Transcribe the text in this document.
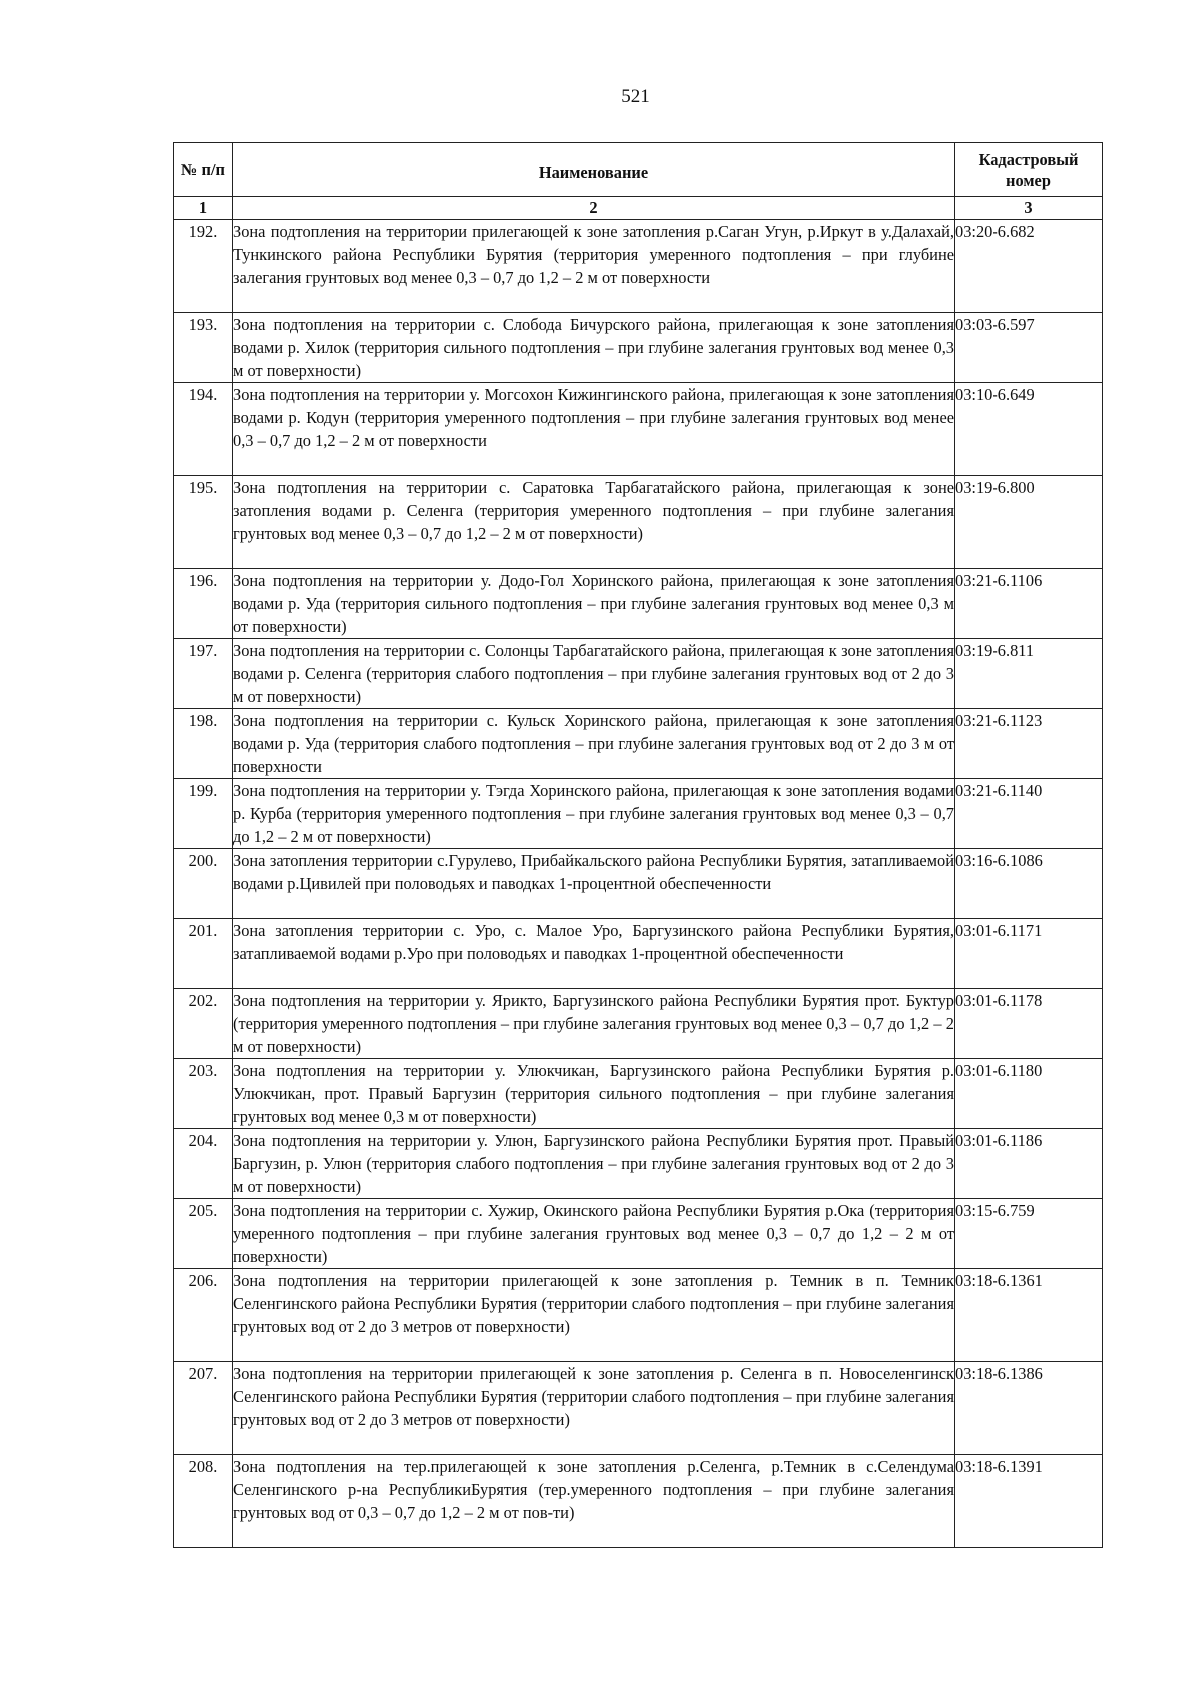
521
№ п/п	Наименование	Кадастровый номер
1	2	3
192.	Зона подтопления на территории прилегающей к зоне затопления р.Саган Угун, р.Иркут в у.Далахай, Тункинского района Республики Бурятия (территория умеренного подтопления – при глубине залегания грунтовых вод менее 0,3 – 0,7 до 1,2 – 2 м от поверхности	03:20-6.682
193.	Зона подтопления на территории с. Слобода Бичурского района, прилегающая к зоне затопления водами р. Хилок (территория сильного подтопления – при глубине залегания грунтовых вод менее 0,3 м от поверхности)	03:03-6.597
194.	Зона подтопления на территории у. Могсохон Кижингинского района, прилегающая к зоне затопления водами р. Кодун (территория умеренного подтопления – при глубине залегания грунтовых вод менее 0,3 – 0,7 до 1,2 – 2 м от поверхности	03:10-6.649
195.	Зона подтопления на территории с. Саратовка Тарбагатайского района, прилегающая к зоне затопления водами р. Селенга (территория умеренного подтопления – при глубине залегания грунтовых вод менее 0,3 – 0,7 до 1,2 – 2 м от поверхности)	03:19-6.800
196.	Зона подтопления на территории у. Додо-Гол Хоринского района, прилегающая к зоне затопления водами р. Уда (территория сильного подтопления – при глубине залегания грунтовых вод менее 0,3 м от поверхности)	03:21-6.1106
197.	Зона подтопления на территории с. Солонцы Тарбагатайского района, прилегающая к зоне затопления водами р. Селенга (территория слабого подтопления – при глубине залегания грунтовых вод от 2 до 3 м от поверхности)	03:19-6.811
198.	Зона подтопления на территории с. Кульск Хоринского района, прилегающая к зоне затопления водами р. Уда (территория слабого подтопления – при глубине залегания грунтовых вод от 2 до 3 м от поверхности	03:21-6.1123
199.	Зона подтопления на территории у. Тэгда Хоринского района, прилегающая к зоне затопления водами р. Курба (территория умеренного подтопления – при глубине залегания грунтовых вод менее 0,3 – 0,7 до 1,2 – 2 м от поверхности)	03:21-6.1140
200.	Зона затопления территории с.Гурулево, Прибайкальского района Республики Бурятия, затапливаемой водами р.Цивилей при половодьях и паводках 1-процентной обеспеченности	03:16-6.1086
201.	Зона затопления территории с. Уро, с. Малое Уро, Баргузинского района Республики Бурятия, затапливаемой водами р.Уро при половодьях и паводках 1-процентной обеспеченности	03:01-6.1171
202.	Зона подтопления на территории у. Ярикто, Баргузинского района Республики Бурятия прот. Буктур (территория умеренного подтопления – при глубине залегания грунтовых вод менее 0,3 – 0,7 до 1,2 – 2 м от поверхности)	03:01-6.1178
203.	Зона подтопления на территории у. Улюкчикан, Баргузинского района Республики Бурятия р. Улюкчикан, прот. Правый Баргузин (территория сильного подтопления – при глубине залегания грунтовых вод менее 0,3 м от поверхности)	03:01-6.1180
204.	Зона подтопления на территории у. Улюн, Баргузинского района Республики Бурятия прот. Правый Баргузин, р. Улюн (территория слабого подтопления – при глубине залегания грунтовых вод от 2 до 3 м от поверхности)	03:01-6.1186
205.	Зона подтопления на территории с. Хужир, Окинского района Республики Бурятия р.Ока (территория умеренного подтопления – при глубине залегания грунтовых вод менее 0,3 – 0,7 до 1,2 – 2 м от поверхности)	03:15-6.759
206.	Зона подтопления на территории прилегающей к зоне затопления р. Темник в п. Темник Селенгинского района Республики Бурятия (территории слабого подтопления – при глубине залегания грунтовых вод от 2 до 3 метров от поверхности)	03:18-6.1361
207.	Зона подтопления на территории прилегающей к зоне затопления р. Селенга в п. Новоселенгинск Селенгинского района Республики Бурятия (территории слабого подтопления – при глубине залегания грунтовых вод от 2 до 3 метров от поверхности)	03:18-6.1386
208.	Зона подтопления на тер.прилегающей к зоне затопления р.Селенга, р.Темник в с.Селендума Селенгинского р-на РеспубликиБурятия (тер.умеренного подтопления – при глубине залегания грунтовых вод от 0,3 – 0,7 до 1,2 – 2 м от пов-ти)	03:18-6.1391
